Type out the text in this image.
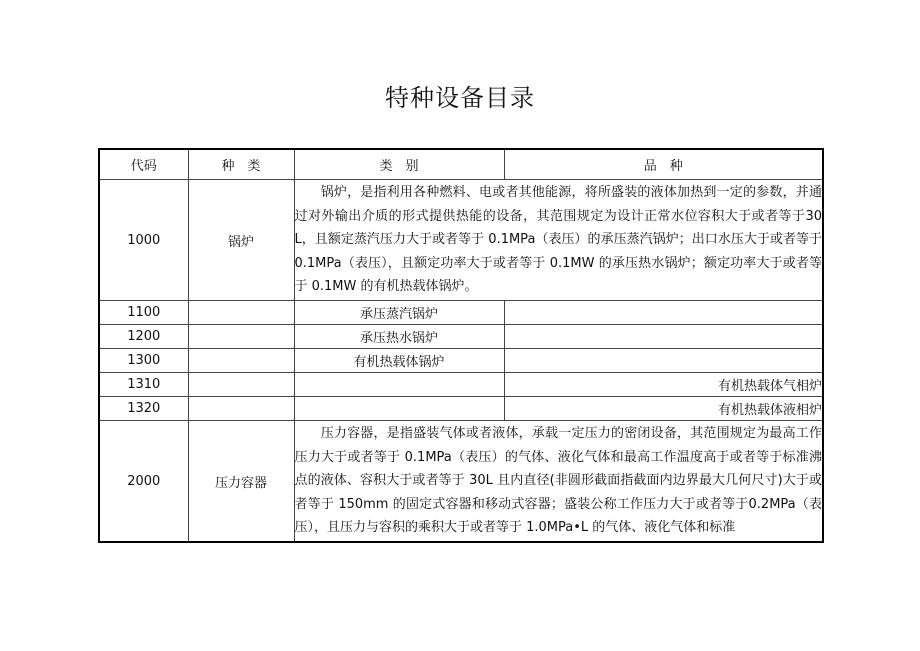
特种设备目录
代码	种　类	类　别	品　种
1000	锅炉	锅炉，是指利用各种燃料、电或者其他能源，将所盛装的液体加热到一定的参数，并通过对外输出介质的形式提供热能的设备，其范围规定为设计正常水位容积大于或者等于30L，且额定蒸汽压力大于或者等于 0.1MPa（表压）的承压蒸汽锅炉；出口水压大于或者等于 0.1MPa（表压），且额定功率大于或者等于 0.1MW 的承压热水锅炉；额定功率大于或者等于 0.1MW 的有机热载体锅炉。	
1100		承压蒸汽锅炉	
1200		承压热水锅炉	
1300		有机热载体锅炉	
1310			有机热载体气相炉
1320			有机热载体液相炉
2000	压力容器	压力容器，是指盛装气体或者液体，承载一定压力的密闭设备，其范围规定为最高工作压力大于或者等于 0.1MPa（表压）的气体、液化气体和最高工作温度高于或者等于标准沸点的液体、容积大于或者等于 30L 且内直径(非圆形截面指截面内边界最大几何尺寸)大于或者等于 150mm 的固定式容器和移动式容器；盛装公称工作压力大于或者等于0.2MPa（表压），且压力与容积的乘积大于或者等于 1.0MPa•L 的气体、液化气体和标准	
